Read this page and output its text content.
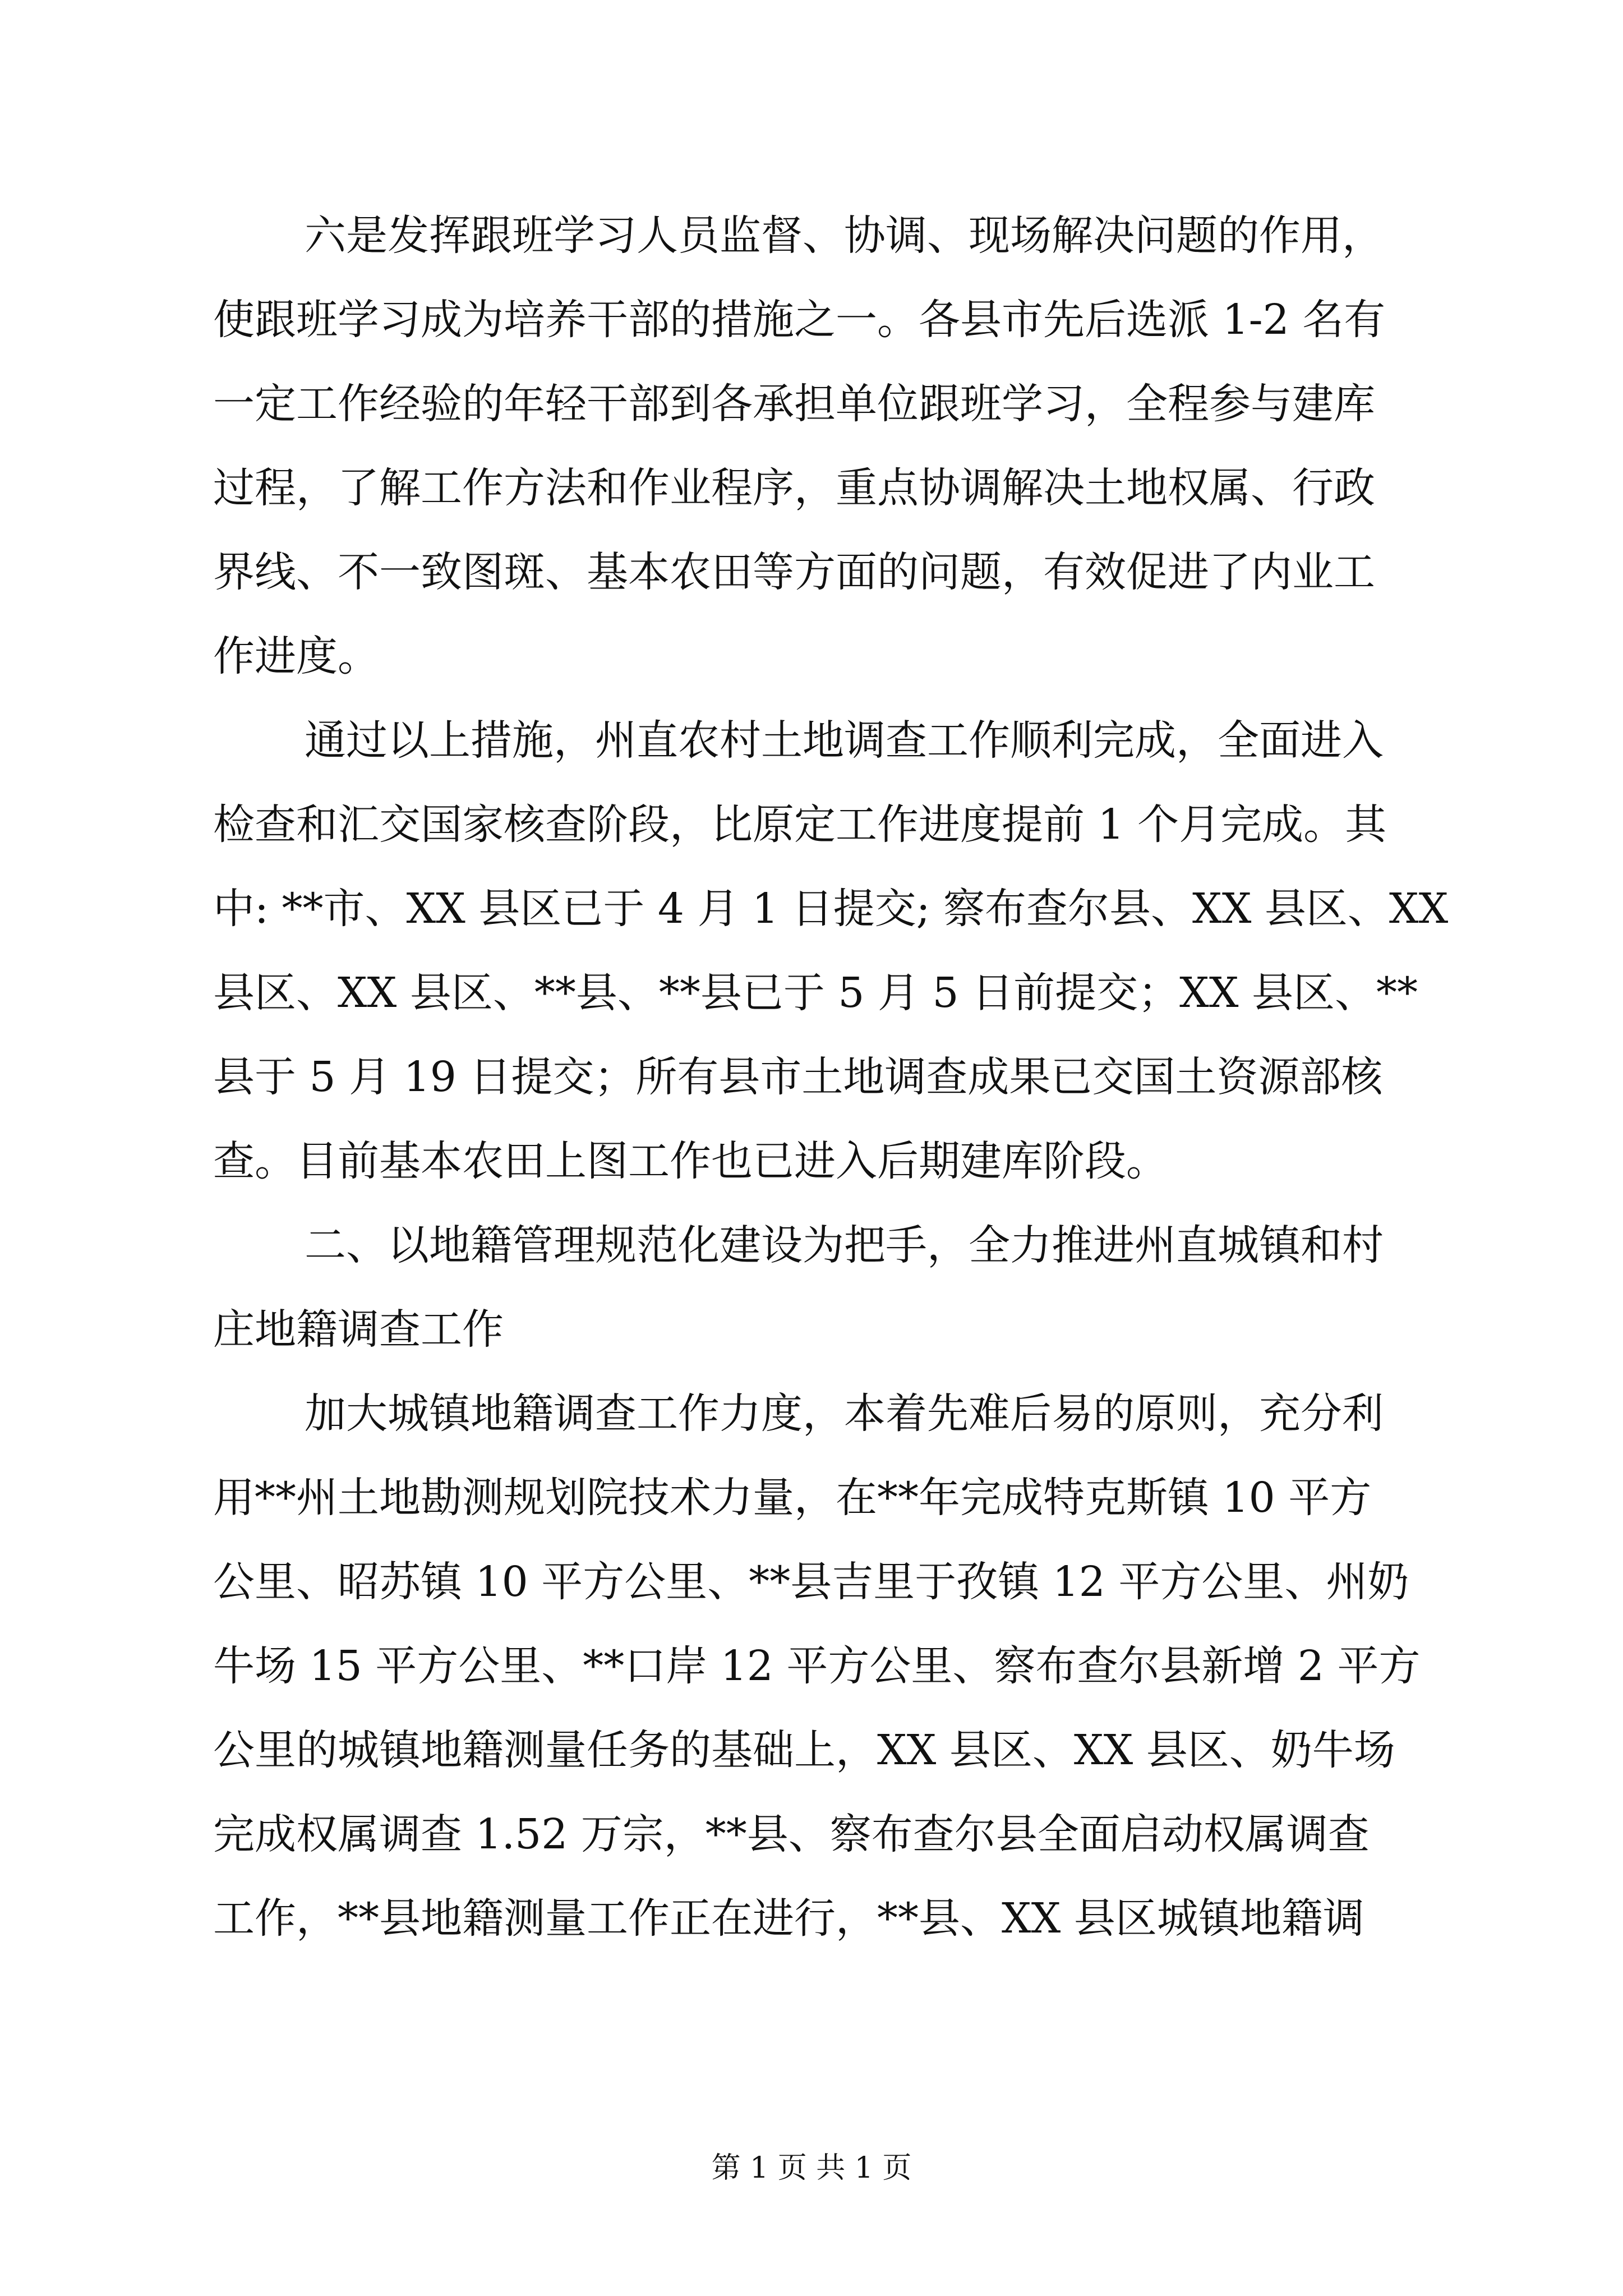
六是发挥跟班学习人员监督、协调、现场解决问题的作用，
使跟班学习成为培养干部的措施之一。各县市先后选派 1-2 名有
一定工作经验的年轻干部到各承担单位跟班学习，全程参与建库
过程，了解工作方法和作业程序，重点协调解决土地权属、行政
界线、不一致图斑、基本农田等方面的问题，有效促进了内业工
作进度。
通过以上措施，州直农村土地调查工作顺利完成，全面进入
检查和汇交国家核查阶段，比原定工作进度提前 1 个月完成。其
中: **市、XX 县区已于 4 月 1 日提交; 察布查尔县、XX 县区、XX
县区、XX 县区、**县、**县已于 5 月 5 日前提交；XX 县区、**
县于 5 月 19 日提交；所有县市土地调查成果已交国土资源部核
查。目前基本农田上图工作也已进入后期建库阶段。
二、以地籍管理规范化建设为把手，全力推进州直城镇和村
庄地籍调查工作
加大城镇地籍调查工作力度，本着先难后易的原则，充分利
用**州土地勘测规划院技术力量，在**年完成特克斯镇 10 平方
公里、昭苏镇 10 平方公里、**县吉里于孜镇 12 平方公里、州奶
牛场 15 平方公里、**口岸 12 平方公里、察布查尔县新增 2 平方
公里的城镇地籍测量任务的基础上，XX 县区、XX 县区、奶牛场
完成权属调查 1.52 万宗，**县、察布查尔县全面启动权属调查
工作，**县地籍测量工作正在进行，**县、XX 县区城镇地籍调
第 1 页 共 1 页
